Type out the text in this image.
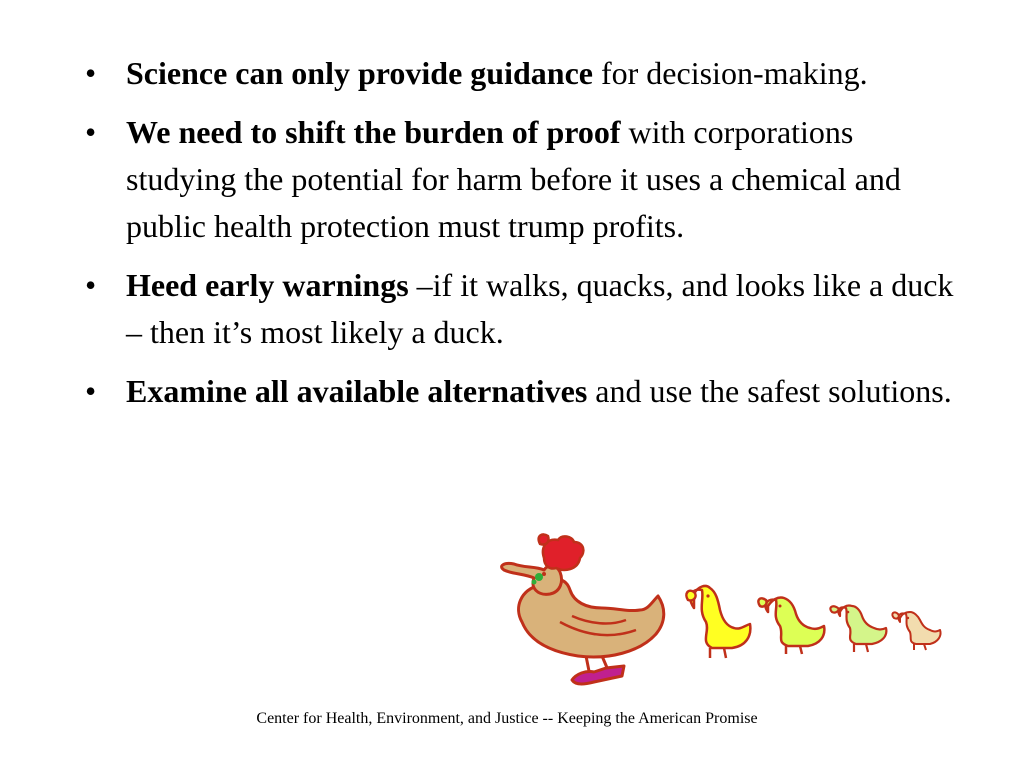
• Science can only provide guidance for decision-making.
• We need to shift the burden of proof with corporations studying the potential for harm before it uses a chemical and public health protection must trump profits.
• Heed early warnings –if it walks, quacks, and looks like a duck – then it’s most likely a duck.
• Examine all available alternatives and use the safest solutions.
Center for Health, Environment, and Justice -- Keeping the American Promise
